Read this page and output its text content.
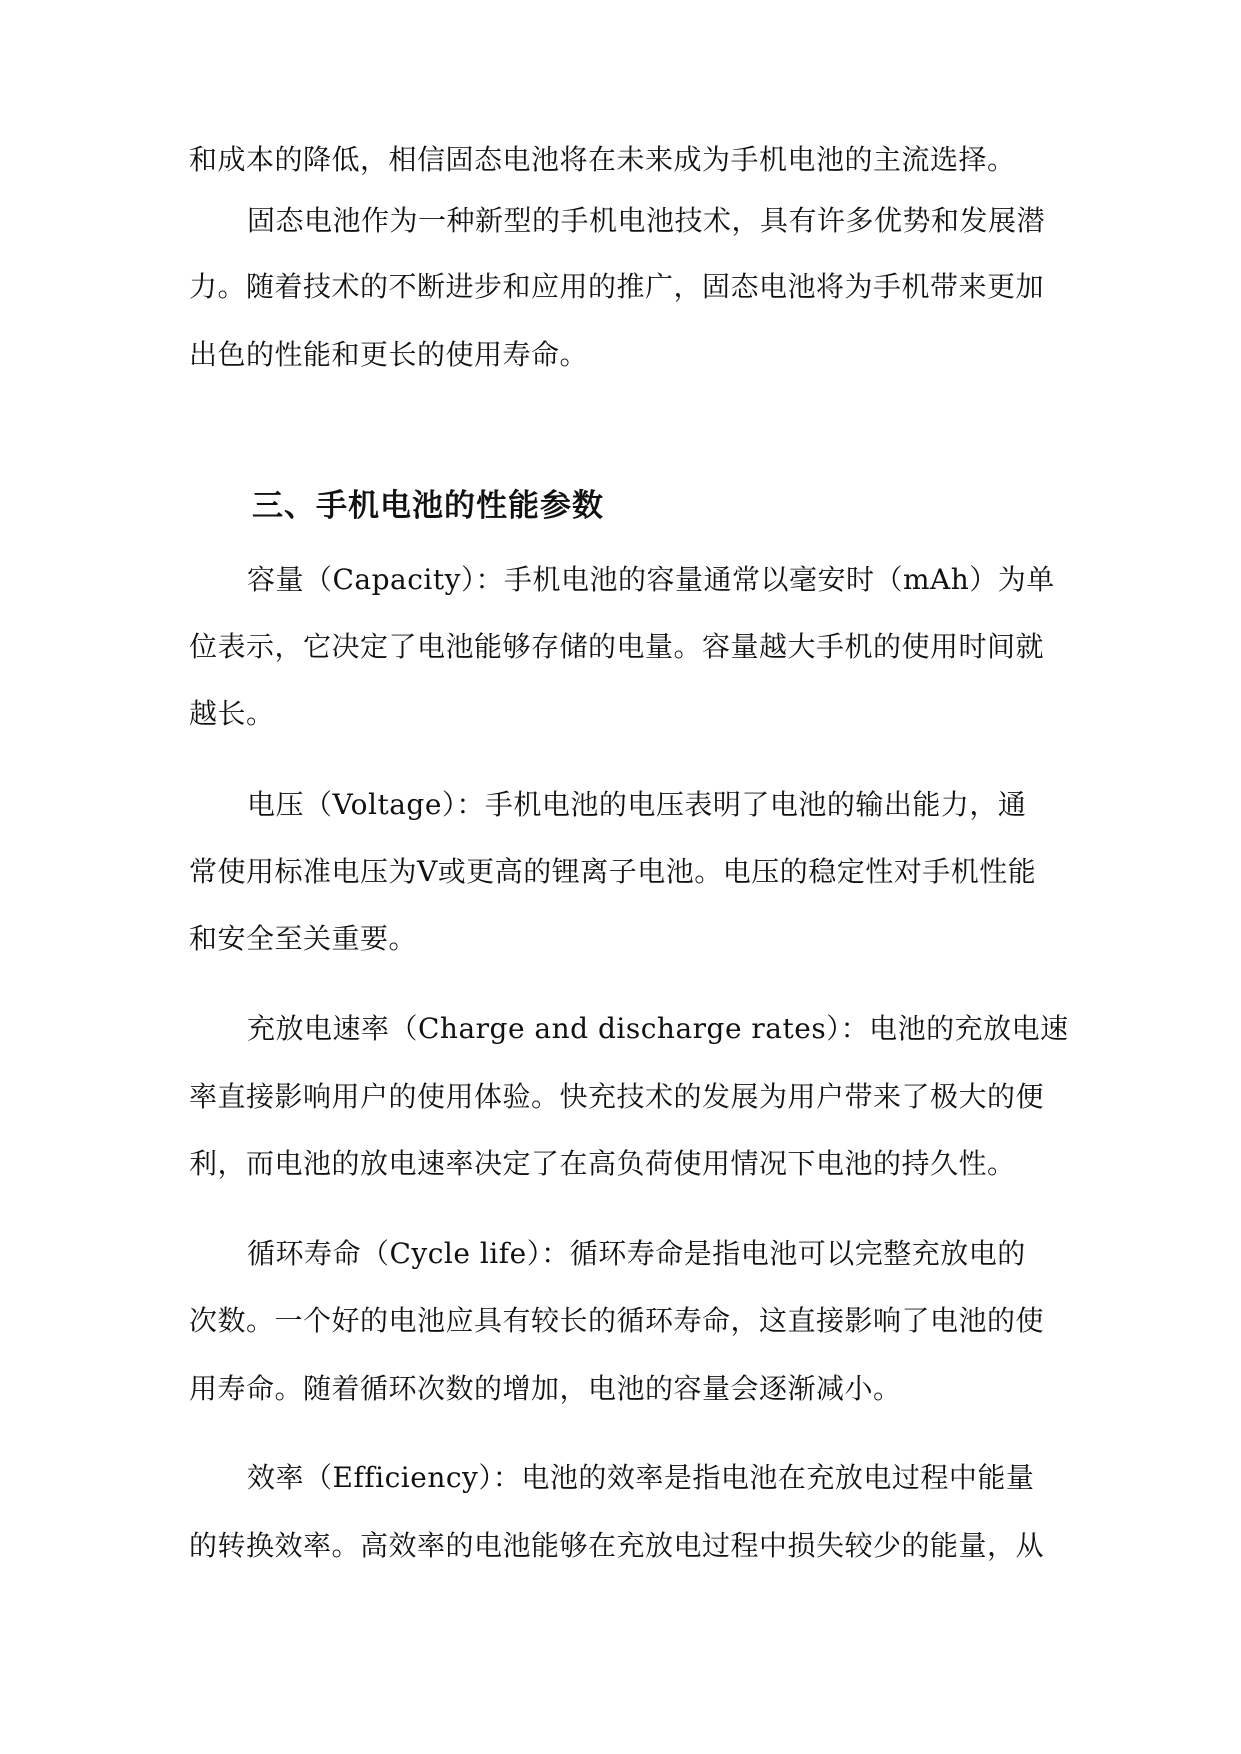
和成本的降低，相信固态电池将在未来成为手机电池的主流选择。
固态电池作为一种新型的手机电池技术，具有许多优势和发展潜
力。随着技术的不断进步和应用的推广，固态电池将为手机带来更加
出色的性能和更长的使用寿命。
三、手机电池的性能参数
容量（Capacity）：手机电池的容量通常以毫安时（mAh）为单
位表示，它决定了电池能够存储的电量。容量越大手机的使用时间就
越长。
电压（Voltage）：手机电池的电压表明了电池的输出能力，通
常使用标准电压为V或更高的锂离子电池。电压的稳定性对手机性能
和安全至关重要。
充放电速率（Charge and discharge rates）：电池的充放电速
率直接影响用户的使用体验。快充技术的发展为用户带来了极大的便
利，而电池的放电速率决定了在高负荷使用情况下电池的持久性。
循环寿命（Cycle life）：循环寿命是指电池可以完整充放电的
次数。一个好的电池应具有较长的循环寿命，这直接影响了电池的使
用寿命。随着循环次数的增加，电池的容量会逐渐减小。
效率（Efficiency）：电池的效率是指电池在充放电过程中能量
的转换效率。高效率的电池能够在充放电过程中损失较少的能量，从
